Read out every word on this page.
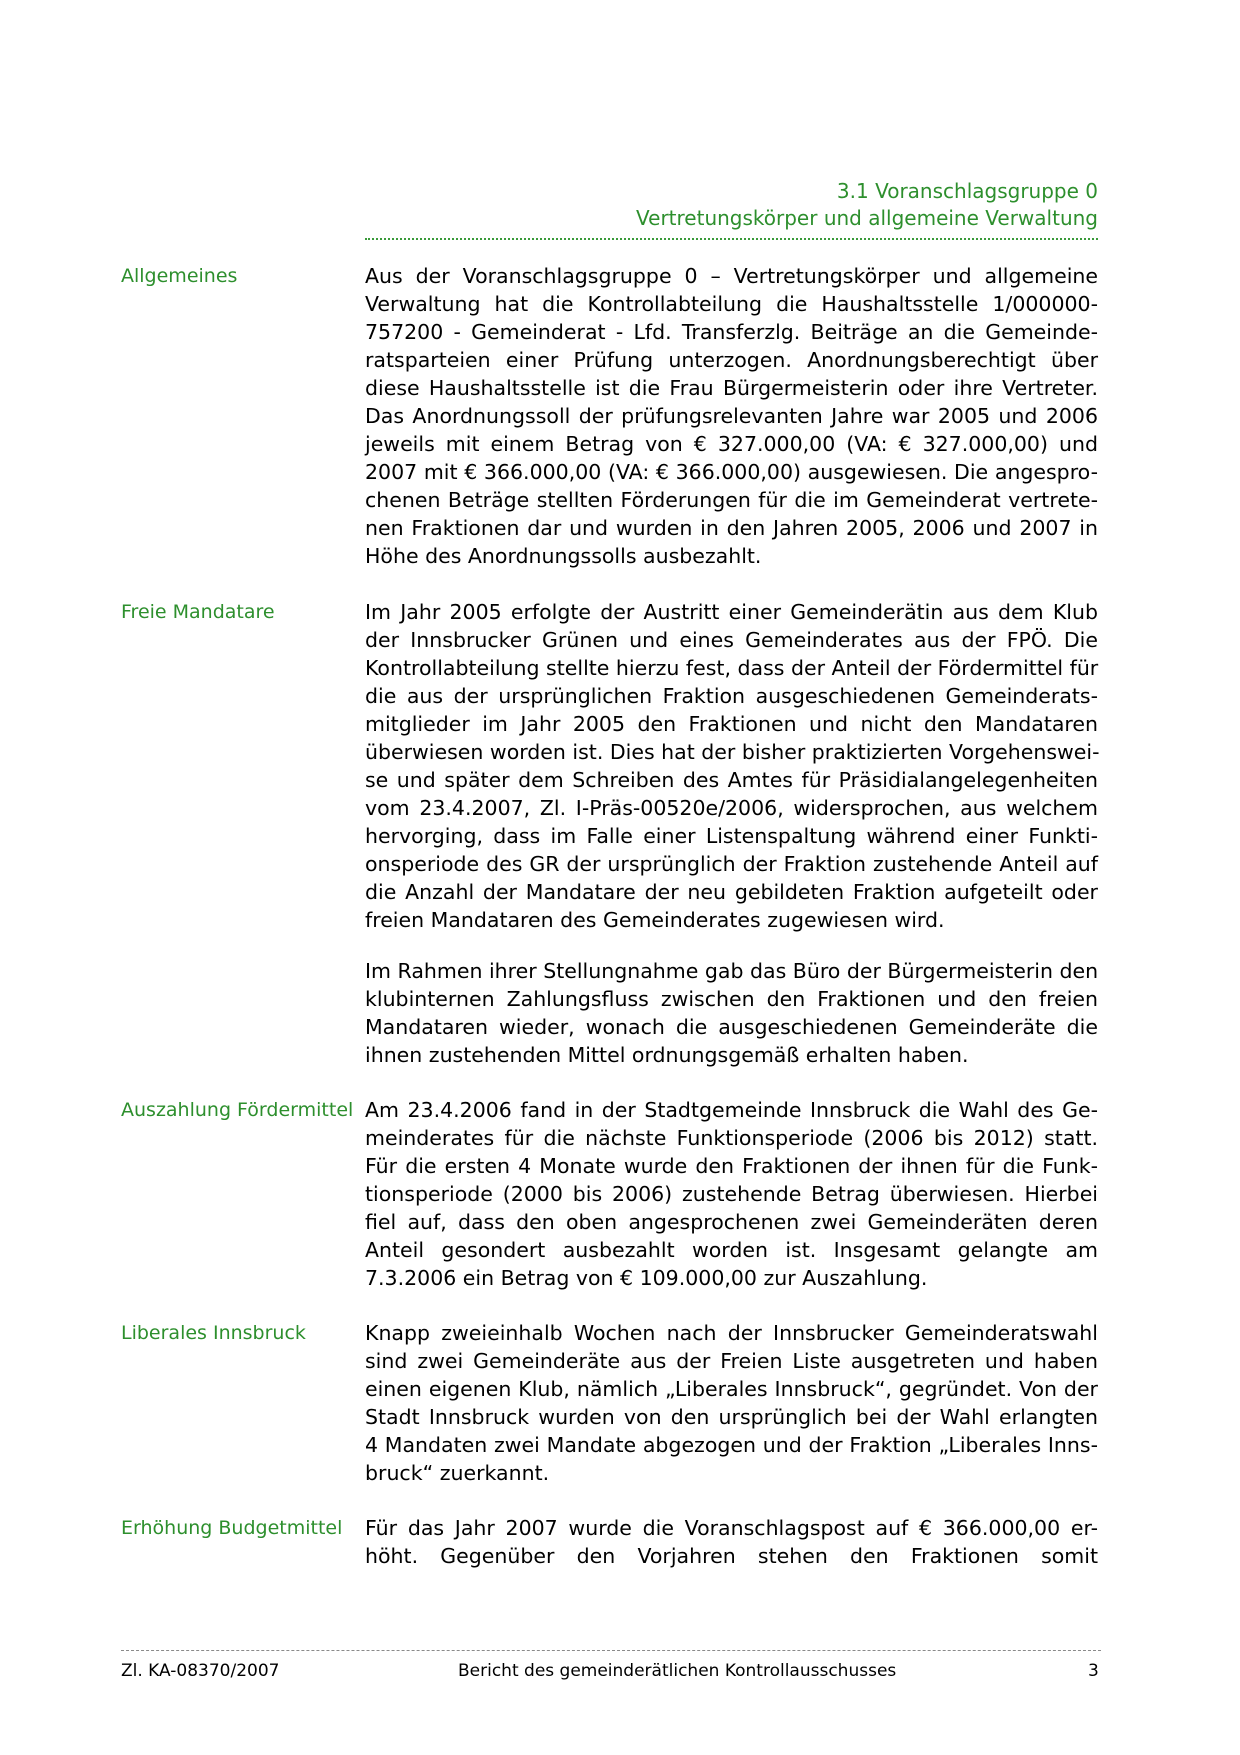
3.1 Voranschlagsgruppe 0
Vertretungskörper und allgemeine Verwaltung
Allgemeines	Aus der Voranschlagsgruppe 0 – Vertretungskörper und allgemeine
Verwaltung hat die Kontrollabteilung die Haushaltsstelle 1/000000-
757200 - Gemeinderat - Lfd. Transferzlg. Beiträge an die Gemeinde-
ratsparteien einer Prüfung unterzogen. Anordnungsberechtigt über
diese Haushaltsstelle ist die Frau Bürgermeisterin oder ihre Vertreter.
Das Anordnungssoll der prüfungsrelevanten Jahre war 2005 und 2006
jeweils mit einem Betrag von € 327.000,00 (VA: € 327.000,00) und
2007 mit € 366.000,00 (VA: € 366.000,00) ausgewiesen. Die angespro-
chenen Beträge stellten Förderungen für die im Gemeinderat vertrete-
nen Fraktionen dar und wurden in den Jahren 2005, 2006 und 2007 in
Höhe des Anordnungssolls ausbezahlt.
Freie Mandatare	Im Jahr 2005 erfolgte der Austritt einer Gemeinderätin aus dem Klub
der Innsbrucker Grünen und eines Gemeinderates aus der FPÖ. Die
Kontrollabteilung stellte hierzu fest, dass der Anteil der Fördermittel für
die aus der ursprünglichen Fraktion ausgeschiedenen Gemeinderats-
mitglieder im Jahr 2005 den Fraktionen und nicht den Mandataren
überwiesen worden ist. Dies hat der bisher praktizierten Vorgehenswei-
se und später dem Schreiben des Amtes für Präsidialangelegenheiten
vom 23.4.2007, Zl. I-Präs-00520e/2006, widersprochen, aus welchem
hervorging, dass im Falle einer Listenspaltung während einer Funkti-
onsperiode des GR der ursprünglich der Fraktion zustehende Anteil auf
die Anzahl der Mandatare der neu gebildeten Fraktion aufgeteilt oder
freien Mandataren des Gemeinderates zugewiesen wird.
Im Rahmen ihrer Stellungnahme gab das Büro der Bürgermeisterin den
klubinternen Zahlungsfluss zwischen den Fraktionen und den freien
Mandataren wieder, wonach die ausgeschiedenen Gemeinderäte die
ihnen zustehenden Mittel ordnungsgemäß erhalten haben.
Auszahlung Fördermittel Am 23.4.2006 fand in der Stadtgemeinde Innsbruck die Wahl des Ge-
meinderates für die nächste Funktionsperiode (2006 bis 2012) statt.
Für die ersten 4 Monate wurde den Fraktionen der ihnen für die Funk-
tionsperiode (2000 bis 2006) zustehende Betrag überwiesen. Hierbei
fiel auf, dass den oben angesprochenen zwei Gemeinderäten deren
Anteil gesondert ausbezahlt worden ist. Insgesamt gelangte am
7.3.2006 ein Betrag von € 109.000,00 zur Auszahlung.
Liberales Innsbruck	Knapp zweieinhalb Wochen nach der Innsbrucker Gemeinderatswahl
sind zwei Gemeinderäte aus der Freien Liste ausgetreten und haben
einen eigenen Klub, nämlich „Liberales Innsbruck“, gegründet. Von der
Stadt Innsbruck wurden von den ursprünglich bei der Wahl erlangten
4 Mandaten zwei Mandate abgezogen und der Fraktion „Liberales Inns-
bruck“ zuerkannt.
Erhöhung Budgetmittel	Für das Jahr 2007 wurde die Voranschlagspost auf € 366.000,00 er-
höht. Gegenüber den Vorjahren stehen den Fraktionen somit
Zl. KA-08370/2007	Bericht des gemeinderätlichen Kontrollausschusses	3
